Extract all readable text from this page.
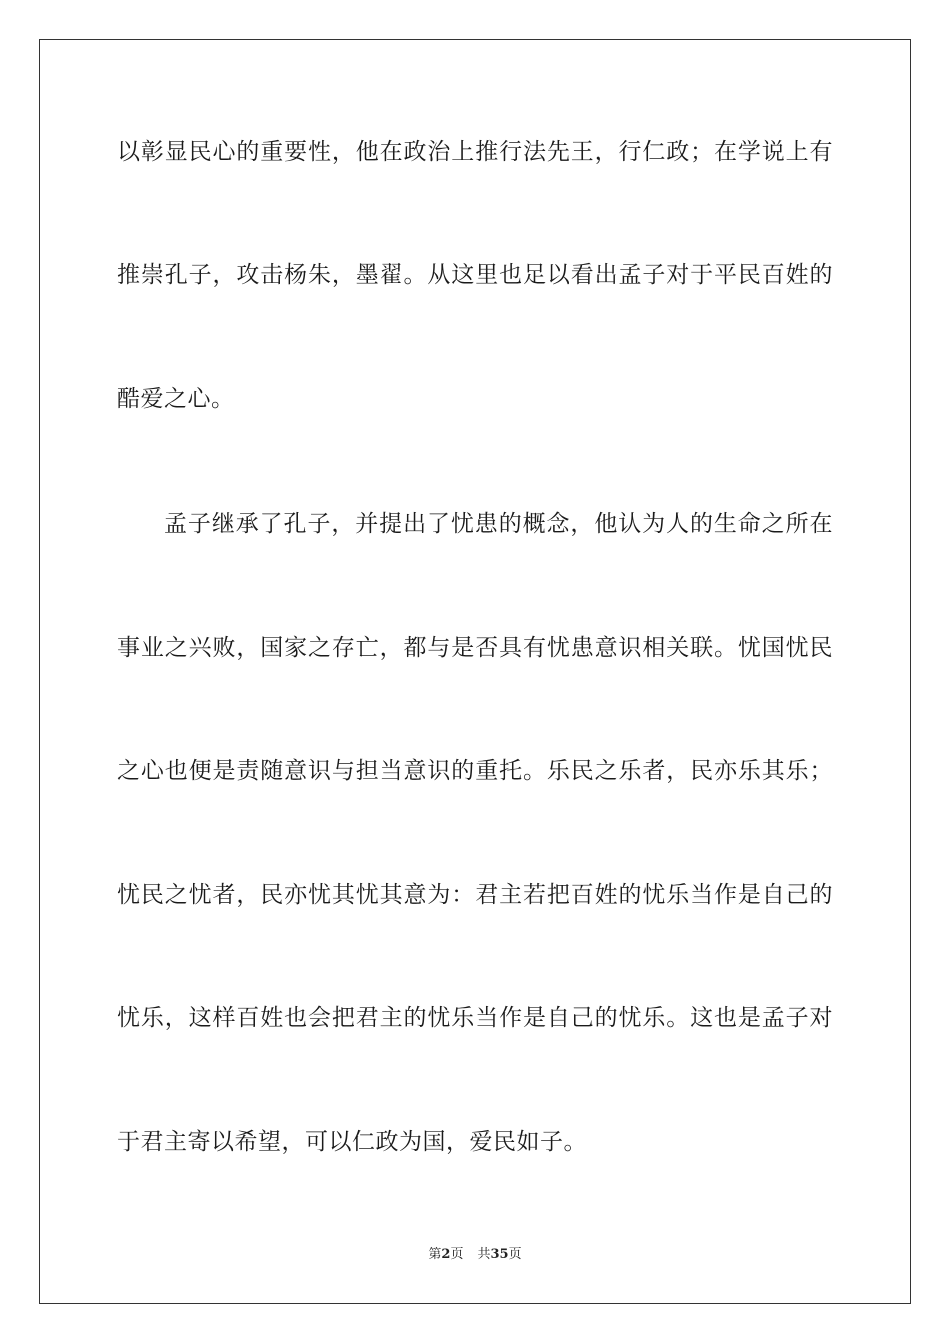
以彰显民心的重要性，他在政治上推行法先王，行仁政；在学说上有
推崇孔子，攻击杨朱，墨翟。从这里也足以看出孟子对于平民百姓的
酷爱之心。
孟子继承了孔子，并提出了忧患的概念，他认为人的生命之所在
事业之兴败，国家之存亡，都与是否具有忧患意识相关联。忧国忧民
之心也便是责随意识与担当意识的重托。乐民之乐者，民亦乐其乐；
忧民之忧者，民亦忧其忧其意为：君主若把百姓的忧乐当作是自己的
忧乐，这样百姓也会把君主的忧乐当作是自己的忧乐。这也是孟子对
于君主寄以希望，可以仁政为国，爱民如子。
第2页 共35页
